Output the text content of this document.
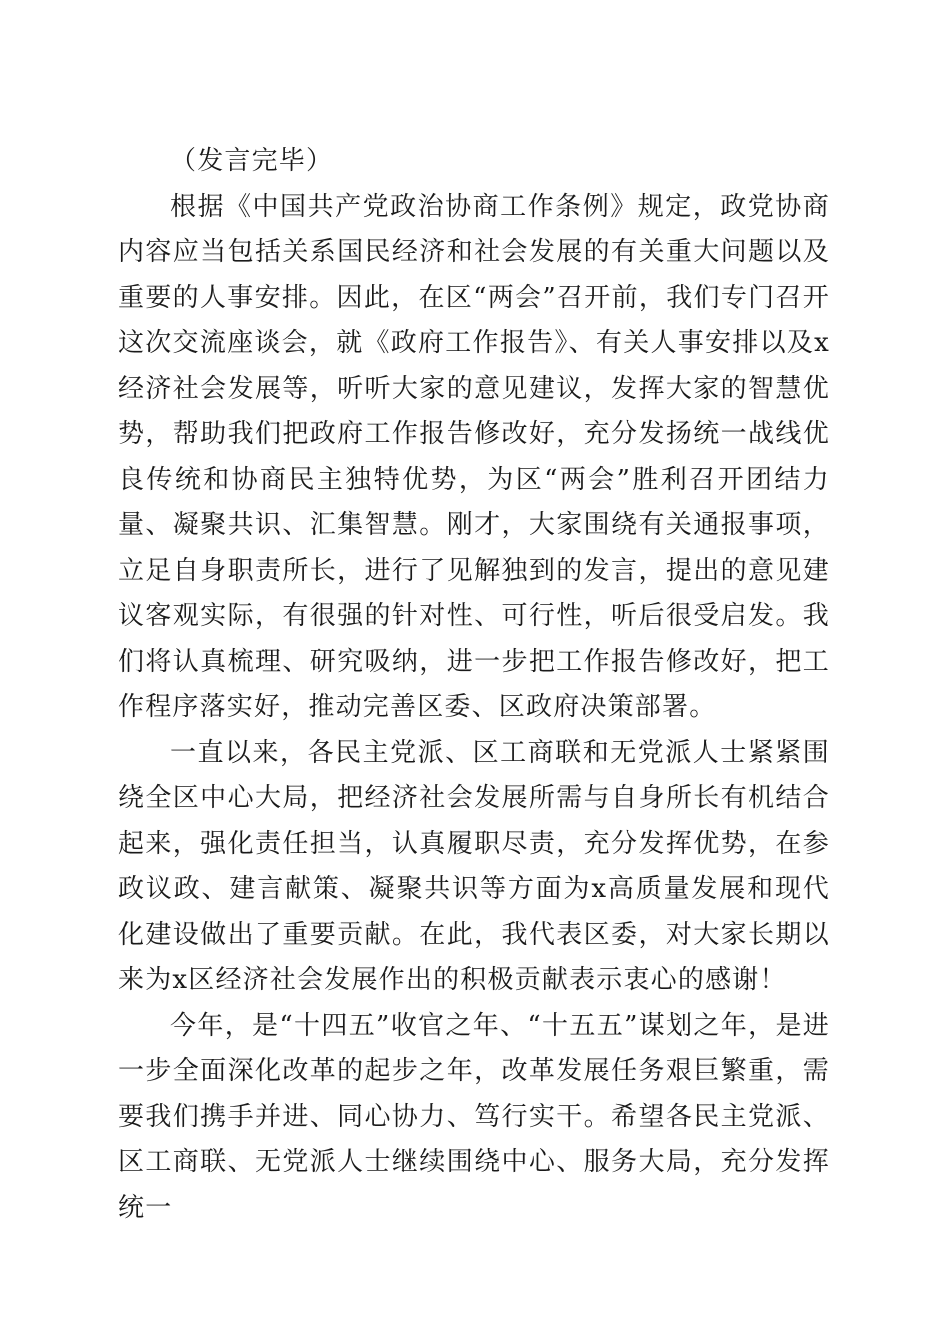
（发言完毕）

根据《中国共产党政治协商工作条例》规定，政党协商内容应当包括关系国民经济和社会发展的有关重大问题以及重要的人事安排。因此，在区“两会”召开前，我们专门召开这次交流座谈会，就《政府工作报告》、有关人事安排以及x经济社会发展等，听听大家的意见建议，发挥大家的智慧优势，帮助我们把政府工作报告修改好，充分发扬统一战线优良传统和协商民主独特优势，为区“两会”胜利召开团结力量、凝聚共识、汇集智慧。刚才，大家围绕有关通报事项，立足自身职责所长，进行了见解独到的发言，提出的意见建议客观实际，有很强的针对性、可行性，听后很受启发。我们将认真梳理、研究吸纳，进一步把工作报告修改好，把工作程序落实好，推动完善区委、区政府决策部署。

一直以来，各民主党派、区工商联和无党派人士紧紧围绕全区中心大局，把经济社会发展所需与自身所长有机结合起来，强化责任担当，认真履职尽责，充分发挥优势，在参政议政、建言献策、凝聚共识等方面为x高质量发展和现代化建设做出了重要贡献。在此，我代表区委，对大家长期以来为x区经济社会发展作出的积极贡献表示衷心的感谢！

今年，是“十四五”收官之年、“十五五”谋划之年，是进一步全面深化改革的起步之年，改革发展任务艰巨繁重，需要我们携手并进、同心协力、笃行实干。希望各民主党派、区工商联、无党派人士继续围绕中心、服务大局，充分发挥统一
